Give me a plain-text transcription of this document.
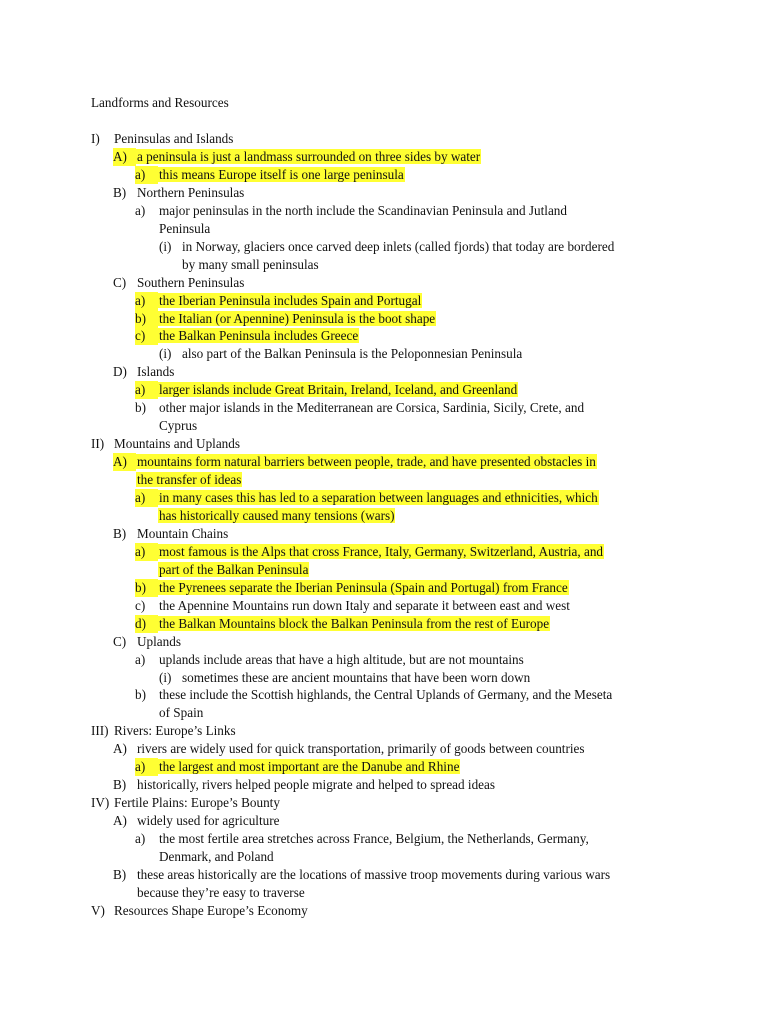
Landforms and Resources
I) Peninsulas and Islands
A) a peninsula is just a landmass surrounded on three sides by water
a) this means Europe itself is one large peninsula
B) Northern Peninsulas
a) major peninsulas in the north include the Scandinavian Peninsula and Jutland
Peninsula
(i) in Norway, glaciers once carved deep inlets (called fjords) that today are bordered
by many small peninsulas
C) Southern Peninsulas
a) the Iberian Peninsula includes Spain and Portugal
b) the Italian (or Apennine) Peninsula is the boot shape
c) the Balkan Peninsula includes Greece
(i) also part of the Balkan Peninsula is the Peloponnesian Peninsula
D) Islands
a) larger islands include Great Britain, Ireland, Iceland, and Greenland
b) other major islands in the Mediterranean are Corsica, Sardinia, Sicily, Crete, and
Cyprus
II) Mountains and Uplands
A) mountains form natural barriers between people, trade, and have presented obstacles in
the transfer of ideas
a) in many cases this has led to a separation between languages and ethnicities, which
has historically caused many tensions (wars)
B) Mountain Chains
a) most famous is the Alps that cross France, Italy, Germany, Switzerland, Austria, and
part of the Balkan Peninsula
b) the Pyrenees separate the Iberian Peninsula (Spain and Portugal) from France
c) the Apennine Mountains run down Italy and separate it between east and west
d) the Balkan Mountains block the Balkan Peninsula from the rest of Europe
C) Uplands
a) uplands include areas that have a high altitude, but are not mountains
(i) sometimes these are ancient mountains that have been worn down
b) these include the Scottish highlands, the Central Uplands of Germany, and the Meseta
of Spain
III) Rivers: Europe’s Links
A) rivers are widely used for quick transportation, primarily of goods between countries
a) the largest and most important are the Danube and Rhine
B) historically, rivers helped people migrate and helped to spread ideas
IV) Fertile Plains: Europe’s Bounty
A) widely used for agriculture
a) the most fertile area stretches across France, Belgium, the Netherlands, Germany,
Denmark, and Poland
B) these areas historically are the locations of massive troop movements during various wars
because they’re easy to traverse
V) Resources Shape Europe’s Economy
